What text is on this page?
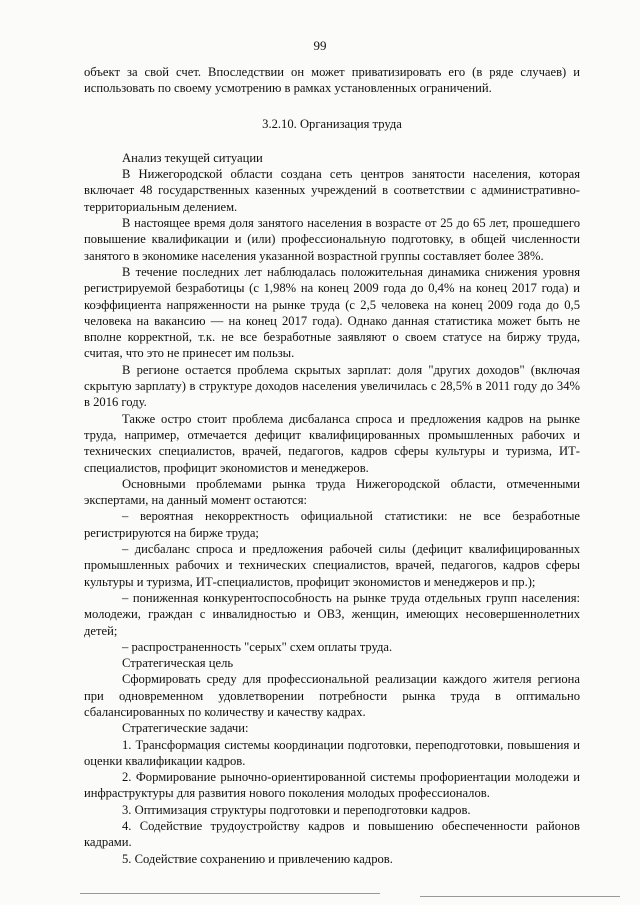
99

объект за свой счет. Впоследствии он может приватизировать его (в ряде случаев) и использовать по своему усмотрению в рамках установленных ограничений.

3.2.10. Организация труда

Анализ текущей ситуации

В Нижегородской области создана сеть центров занятости населения, которая включает 48 государственных казенных учреждений в соответствии с административно-территориальным делением.

В настоящее время доля занятого населения в возрасте от 25 до 65 лет, прошедшего повышение квалификации и (или) профессиональную подготовку, в общей численности занятого в экономике населения указанной возрастной группы составляет более 38%.

В течение последних лет наблюдалась положительная динамика снижения уровня регистрируемой безработицы (с 1,98% на конец 2009 года до 0,4% на конец 2017 года) и коэффициента напряженности на рынке труда (с 2,5 человека на конец 2009 года до 0,5 человека на вакансию — на конец 2017 года). Однако данная статистика может быть не вполне корректной, т.к. не все безработные заявляют о своем статусе на биржу труда, считая, что это не принесет им пользы.

В регионе остается проблема скрытых зарплат: доля "других доходов" (включая скрытую зарплату) в структуре доходов населения увеличилась с 28,5% в 2011 году до 34% в 2016 году.

Также остро стоит проблема дисбаланса спроса и предложения кадров на рынке труда, например, отмечается дефицит квалифицированных промышленных рабочих и технических специалистов, врачей, педагогов, кадров сферы культуры и туризма, ИТ-специалистов, профицит экономистов и менеджеров.

Основными проблемами рынка труда Нижегородской области, отмеченными экспертами, на данный момент остаются:

– вероятная некорректность официальной статистики: не все безработные регистрируются на бирже труда;

– дисбаланс спроса и предложения рабочей силы (дефицит квалифицированных промышленных рабочих и технических специалистов, врачей, педагогов, кадров сферы культуры и туризма, ИТ-специалистов, профицит экономистов и менеджеров и пр.);

– пониженная конкурентоспособность на рынке труда отдельных групп населения: молодежи, граждан с инвалидностью и ОВЗ, женщин, имеющих несовершеннолетних детей;

– распространенность "серых" схем оплаты труда.

Стратегическая цель

Сформировать среду для профессиональной реализации каждого жителя региона при одновременном удовлетворении потребности рынка труда в оптимально сбалансированных по количеству и качеству кадрах.

Стратегические задачи:

1. Трансформация системы координации подготовки, переподготовки, повышения и оценки квалификации кадров.

2. Формирование рыночно-ориентированной системы профориентации молодежи и инфраструктуры для развития нового поколения молодых профессионалов.

3. Оптимизация структуры подготовки и переподготовки кадров.

4. Содействие трудоустройству кадров и повышению обеспеченности районов кадрами.

5. Содействие сохранению и привлечению кадров.
